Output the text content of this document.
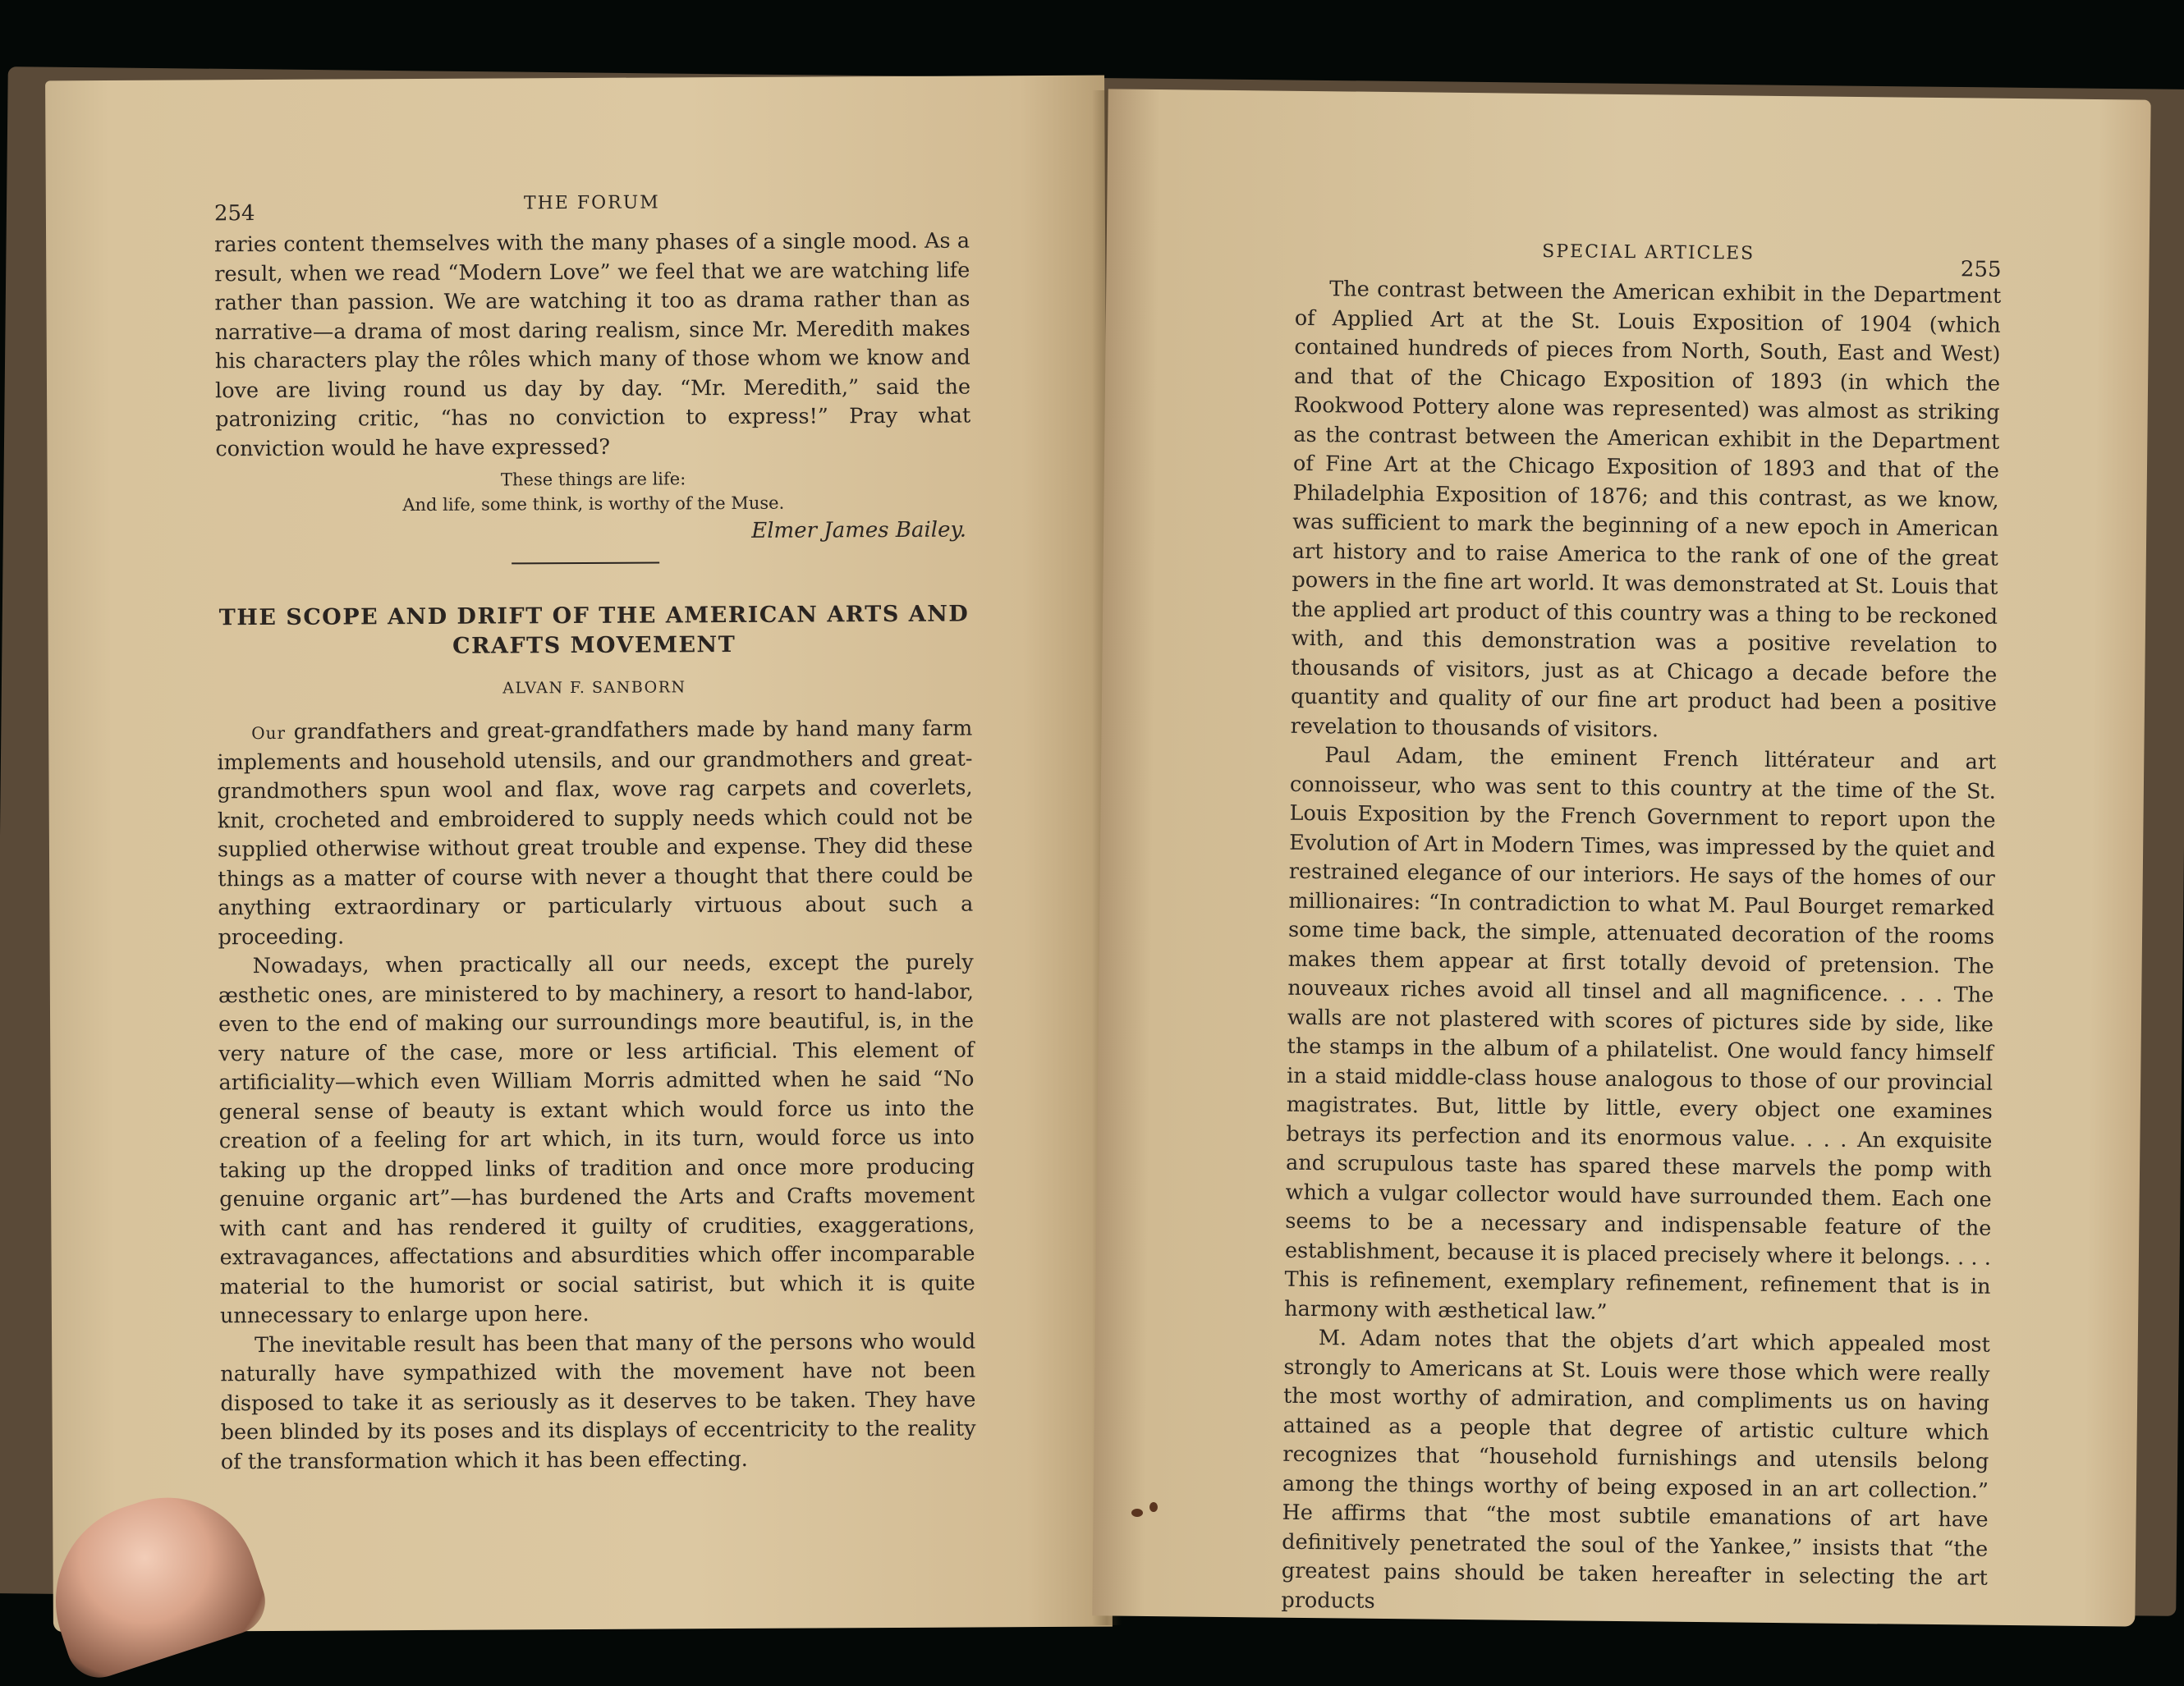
254	THE FORUM

raries content themselves with the many phases of a single mood. As a result, when we read “Modern Love” we feel that we are watching life rather than passion. We are watching it too as drama rather than as narrative—a drama of most daring realism, since Mr. Meredith makes his characters play the rôles which many of those whom we know and love are living round us day by day. “Mr. Meredith,” said the patronizing critic, “has no conviction to express!” Pray what conviction would he have expressed?

These things are life:
And life, some think, is worthy of the Muse.
Elmer James Bailey.
THE SCOPE AND DRIFT OF THE AMERICAN ARTS AND
CRAFTS MOVEMENT
ALVAN F. SANBORN

Our grandfathers and great-grandfathers made by hand many farm implements and household utensils, and our grandmothers and great-grandmothers spun wool and flax, wove rag carpets and coverlets, knit, crocheted and embroidered to supply needs which could not be supplied otherwise without great trouble and expense. They did these things as a matter of course with never a thought that there could be anything extraordinary or particularly virtuous about such a proceeding.

Nowadays, when practically all our needs, except the purely æsthetic ones, are ministered to by machinery, a resort to hand-labor, even to the end of making our surroundings more beautiful, is, in the very nature of the case, more or less artificial. This element of artificiality—which even William Morris admitted when he said “No general sense of beauty is extant which would force us into the creation of a feeling for art which, in its turn, would force us into taking up the dropped links of tradition and once more producing genuine organic art”—has burdened the Arts and Crafts movement with cant and has rendered it guilty of crudities, exaggerations, extravagances, affectations and absurdities which offer incomparable material to the humorist or social satirist, but which it is quite unnecessary to enlarge upon here.

The inevitable result has been that many of the persons who would naturally have sympathized with the movement have not been disposed to take it as seriously as it deserves to be taken. They have been blinded by its poses and its displays of eccentricity to the reality of the transformation which it has been effecting.

SPECIAL ARTICLES
255

The contrast between the American exhibit in the Department of Applied Art at the St. Louis Exposition of 1904 (which contained hundreds of pieces from North, South, East and West) and that of the Chicago Exposition of 1893 (in which the Rookwood Pottery alone was represented) was almost as striking as the contrast between the American exhibit in the Department of Fine Art at the Chicago Exposition of 1893 and that of the Philadelphia Exposition of 1876; and this contrast, as we know, was sufficient to mark the beginning of a new epoch in American art history and to raise America to the rank of one of the great powers in the fine art world. It was demonstrated at St. Louis that the applied art product of this country was a thing to be reckoned with, and this demonstration was a positive revelation to thousands of visitors, just as at Chicago a decade before the quantity and quality of our fine art product had been a positive revelation to thousands of visitors.

Paul Adam, the eminent French littérateur and art connoisseur, who was sent to this country at the time of the St. Louis Exposition by the French Government to report upon the Evolution of Art in Modern Times, was impressed by the quiet and restrained elegance of our interiors. He says of the homes of our millionaires: “In contradiction to what M. Paul Bourget remarked some time back, the simple, attenuated decoration of the rooms makes them appear at first totally devoid of pretension. The nouveaux riches avoid all tinsel and all magnificence. . . . The walls are not plastered with scores of pictures side by side, like the stamps in the album of a philatelist. One would fancy himself in a staid middle-class house analogous to those of our provincial magistrates. But, little by little, every object one examines betrays its perfection and its enormous value. . . . An exquisite and scrupulous taste has spared these marvels the pomp with which a vulgar collector would have surrounded them. Each one seems to be a necessary and indispensable feature of the establishment, because it is placed precisely where it belongs. . . . This is refinement, exemplary refinement, refinement that is in harmony with æsthetical law.”

M. Adam notes that the objets d’art which appealed most strongly to Americans at St. Louis were those which were really the most worthy of admiration, and compliments us on having attained as a people that degree of artistic culture which recognizes that “household furnishings and utensils belong among the things worthy of being exposed in an art collection.” He affirms that “the most subtile emanations of art have definitively penetrated the soul of the Yankee,” insists that “the greatest pains should be taken hereafter in selecting the art products
